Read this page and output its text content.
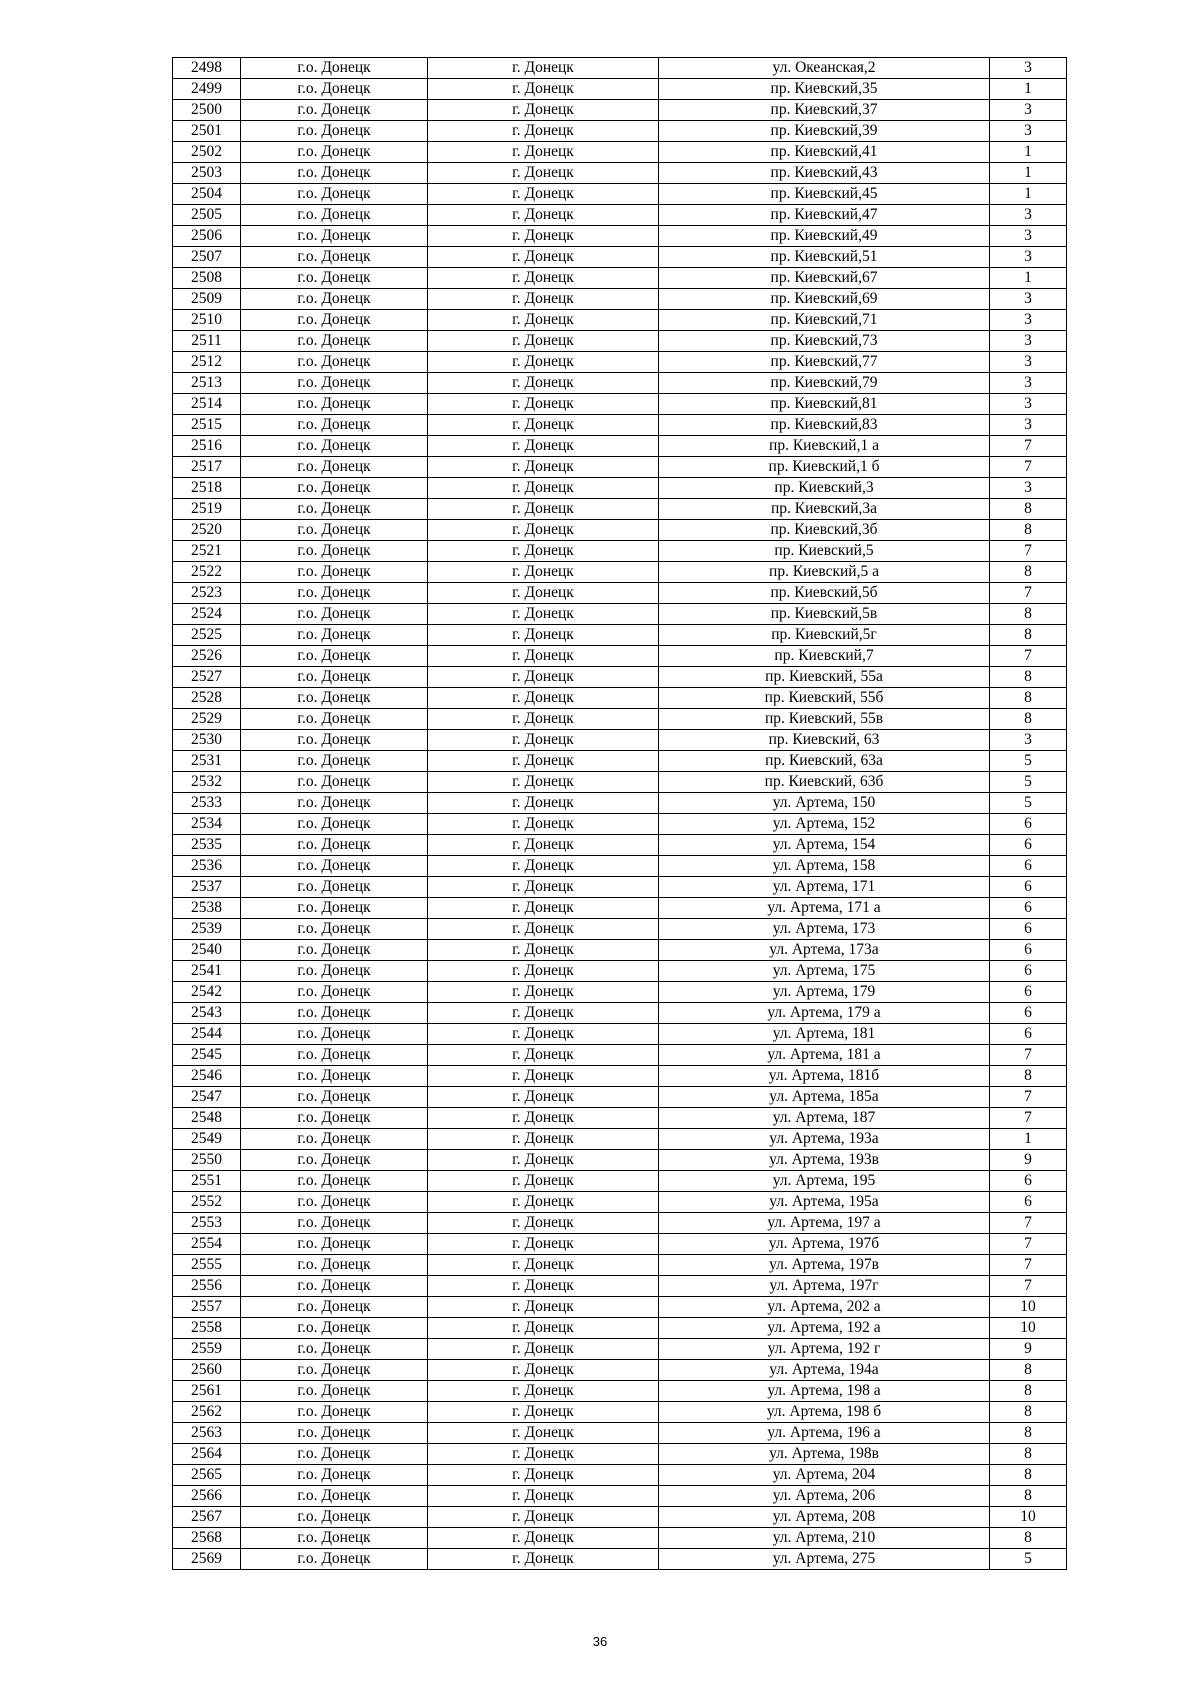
2498	г.о. Донецк	г. Донецк	ул. Океанская,2	3
2499	г.о. Донецк	г. Донецк	пр. Киевский,35	1
2500	г.о. Донецк	г. Донецк	пр. Киевский,37	3
2501	г.о. Донецк	г. Донецк	пр. Киевский,39	3
2502	г.о. Донецк	г. Донецк	пр. Киевский,41	1
2503	г.о. Донецк	г. Донецк	пр. Киевский,43	1
2504	г.о. Донецк	г. Донецк	пр. Киевский,45	1
2505	г.о. Донецк	г. Донецк	пр. Киевский,47	3
2506	г.о. Донецк	г. Донецк	пр. Киевский,49	3
2507	г.о. Донецк	г. Донецк	пр. Киевский,51	3
2508	г.о. Донецк	г. Донецк	пр. Киевский,67	1
2509	г.о. Донецк	г. Донецк	пр. Киевский,69	3
2510	г.о. Донецк	г. Донецк	пр. Киевский,71	3
2511	г.о. Донецк	г. Донецк	пр. Киевский,73	3
2512	г.о. Донецк	г. Донецк	пр. Киевский,77	3
2513	г.о. Донецк	г. Донецк	пр. Киевский,79	3
2514	г.о. Донецк	г. Донецк	пр. Киевский,81	3
2515	г.о. Донецк	г. Донецк	пр. Киевский,83	3
2516	г.о. Донецк	г. Донецк	пр. Киевский,1 а	7
2517	г.о. Донецк	г. Донецк	пр. Киевский,1 б	7
2518	г.о. Донецк	г. Донецк	пр. Киевский,3	3
2519	г.о. Донецк	г. Донецк	пр. Киевский,3а	8
2520	г.о. Донецк	г. Донецк	пр. Киевский,3б	8
2521	г.о. Донецк	г. Донецк	пр. Киевский,5	7
2522	г.о. Донецк	г. Донецк	пр. Киевский,5 а	8
2523	г.о. Донецк	г. Донецк	пр. Киевский,5б	7
2524	г.о. Донецк	г. Донецк	пр. Киевский,5в	8
2525	г.о. Донецк	г. Донецк	пр. Киевский,5г	8
2526	г.о. Донецк	г. Донецк	пр. Киевский,7	7
2527	г.о. Донецк	г. Донецк	пр. Киевский, 55а	8
2528	г.о. Донецк	г. Донецк	пр. Киевский, 55б	8
2529	г.о. Донецк	г. Донецк	пр. Киевский, 55в	8
2530	г.о. Донецк	г. Донецк	пр. Киевский, 63	3
2531	г.о. Донецк	г. Донецк	пр. Киевский, 63а	5
2532	г.о. Донецк	г. Донецк	пр. Киевский, 63б	5
2533	г.о. Донецк	г. Донецк	ул. Артема, 150	5
2534	г.о. Донецк	г. Донецк	ул. Артема, 152	6
2535	г.о. Донецк	г. Донецк	ул. Артема, 154	6
2536	г.о. Донецк	г. Донецк	ул. Артема, 158	6
2537	г.о. Донецк	г. Донецк	ул. Артема, 171	6
2538	г.о. Донецк	г. Донецк	ул. Артема, 171 а	6
2539	г.о. Донецк	г. Донецк	ул. Артема, 173	6
2540	г.о. Донецк	г. Донецк	ул. Артема, 173а	6
2541	г.о. Донецк	г. Донецк	ул. Артема, 175	6
2542	г.о. Донецк	г. Донецк	ул. Артема, 179	6
2543	г.о. Донецк	г. Донецк	ул. Артема, 179 а	6
2544	г.о. Донецк	г. Донецк	ул. Артема, 181	6
2545	г.о. Донецк	г. Донецк	ул. Артема, 181 а	7
2546	г.о. Донецк	г. Донецк	ул. Артема, 181б	8
2547	г.о. Донецк	г. Донецк	ул. Артема, 185а	7
2548	г.о. Донецк	г. Донецк	ул. Артема, 187	7
2549	г.о. Донецк	г. Донецк	ул. Артема, 193а	1
2550	г.о. Донецк	г. Донецк	ул. Артема, 193в	9
2551	г.о. Донецк	г. Донецк	ул. Артема, 195	6
2552	г.о. Донецк	г. Донецк	ул. Артема, 195а	6
2553	г.о. Донецк	г. Донецк	ул. Артема, 197 а	7
2554	г.о. Донецк	г. Донецк	ул. Артема, 197б	7
2555	г.о. Донецк	г. Донецк	ул. Артема, 197в	7
2556	г.о. Донецк	г. Донецк	ул. Артема, 197г	7
2557	г.о. Донецк	г. Донецк	ул. Артема, 202 а	10
2558	г.о. Донецк	г. Донецк	ул. Артема, 192 а	10
2559	г.о. Донецк	г. Донецк	ул. Артема, 192 г	9
2560	г.о. Донецк	г. Донецк	ул. Артема, 194а	8
2561	г.о. Донецк	г. Донецк	ул. Артема, 198 а	8
2562	г.о. Донецк	г. Донецк	ул. Артема, 198 б	8
2563	г.о. Донецк	г. Донецк	ул. Артема, 196 а	8
2564	г.о. Донецк	г. Донецк	ул. Артема, 198в	8
2565	г.о. Донецк	г. Донецк	ул. Артема, 204	8
2566	г.о. Донецк	г. Донецк	ул. Артема, 206	8
2567	г.о. Донецк	г. Донецк	ул. Артема, 208	10
2568	г.о. Донецк	г. Донецк	ул. Артема, 210	8
2569	г.о. Донецк	г. Донецк	ул. Артема, 275	5
36
